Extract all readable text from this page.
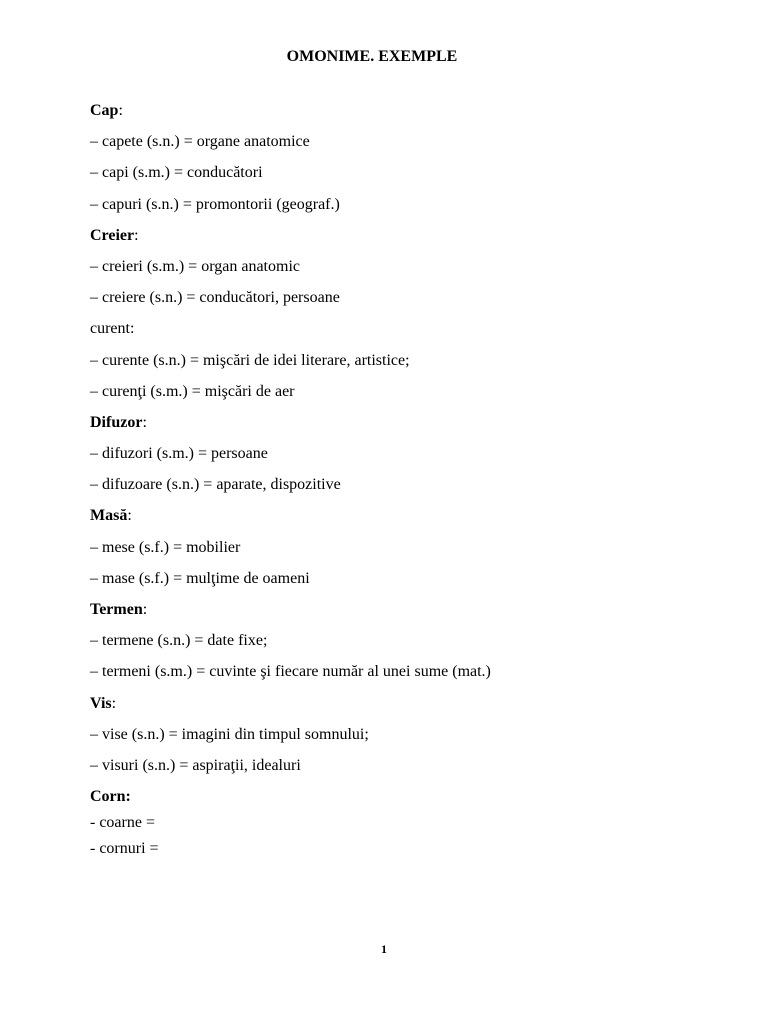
OMONIME. EXEMPLE
Cap:
– capete (s.n.) = organe anatomice
– capi (s.m.) = conducători
– capuri (s.n.) = promontorii (geograf.)
Creier:
– creieri (s.m.) = organ anatomic
– creiere (s.n.) = conducători, persoane
curent:
– curente (s.n.) = mişcări de idei literare, artistice;
– curenţi (s.m.) = mişcări de aer
Difuzor:
– difuzori (s.m.) = persoane
– difuzoare (s.n.) = aparate, dispozitive
Masă:
– mese (s.f.) = mobilier
– mase (s.f.) = mulţime de oameni
Termen:
– termene (s.n.) = date fixe;
– termeni (s.m.) = cuvinte şi fiecare număr al unei sume (mat.)
Vis:
– vise (s.n.) = imagini din timpul somnului;
– visuri (s.n.) = aspiraţii, idealuri
Corn:
- coarne =
- cornuri =
1
